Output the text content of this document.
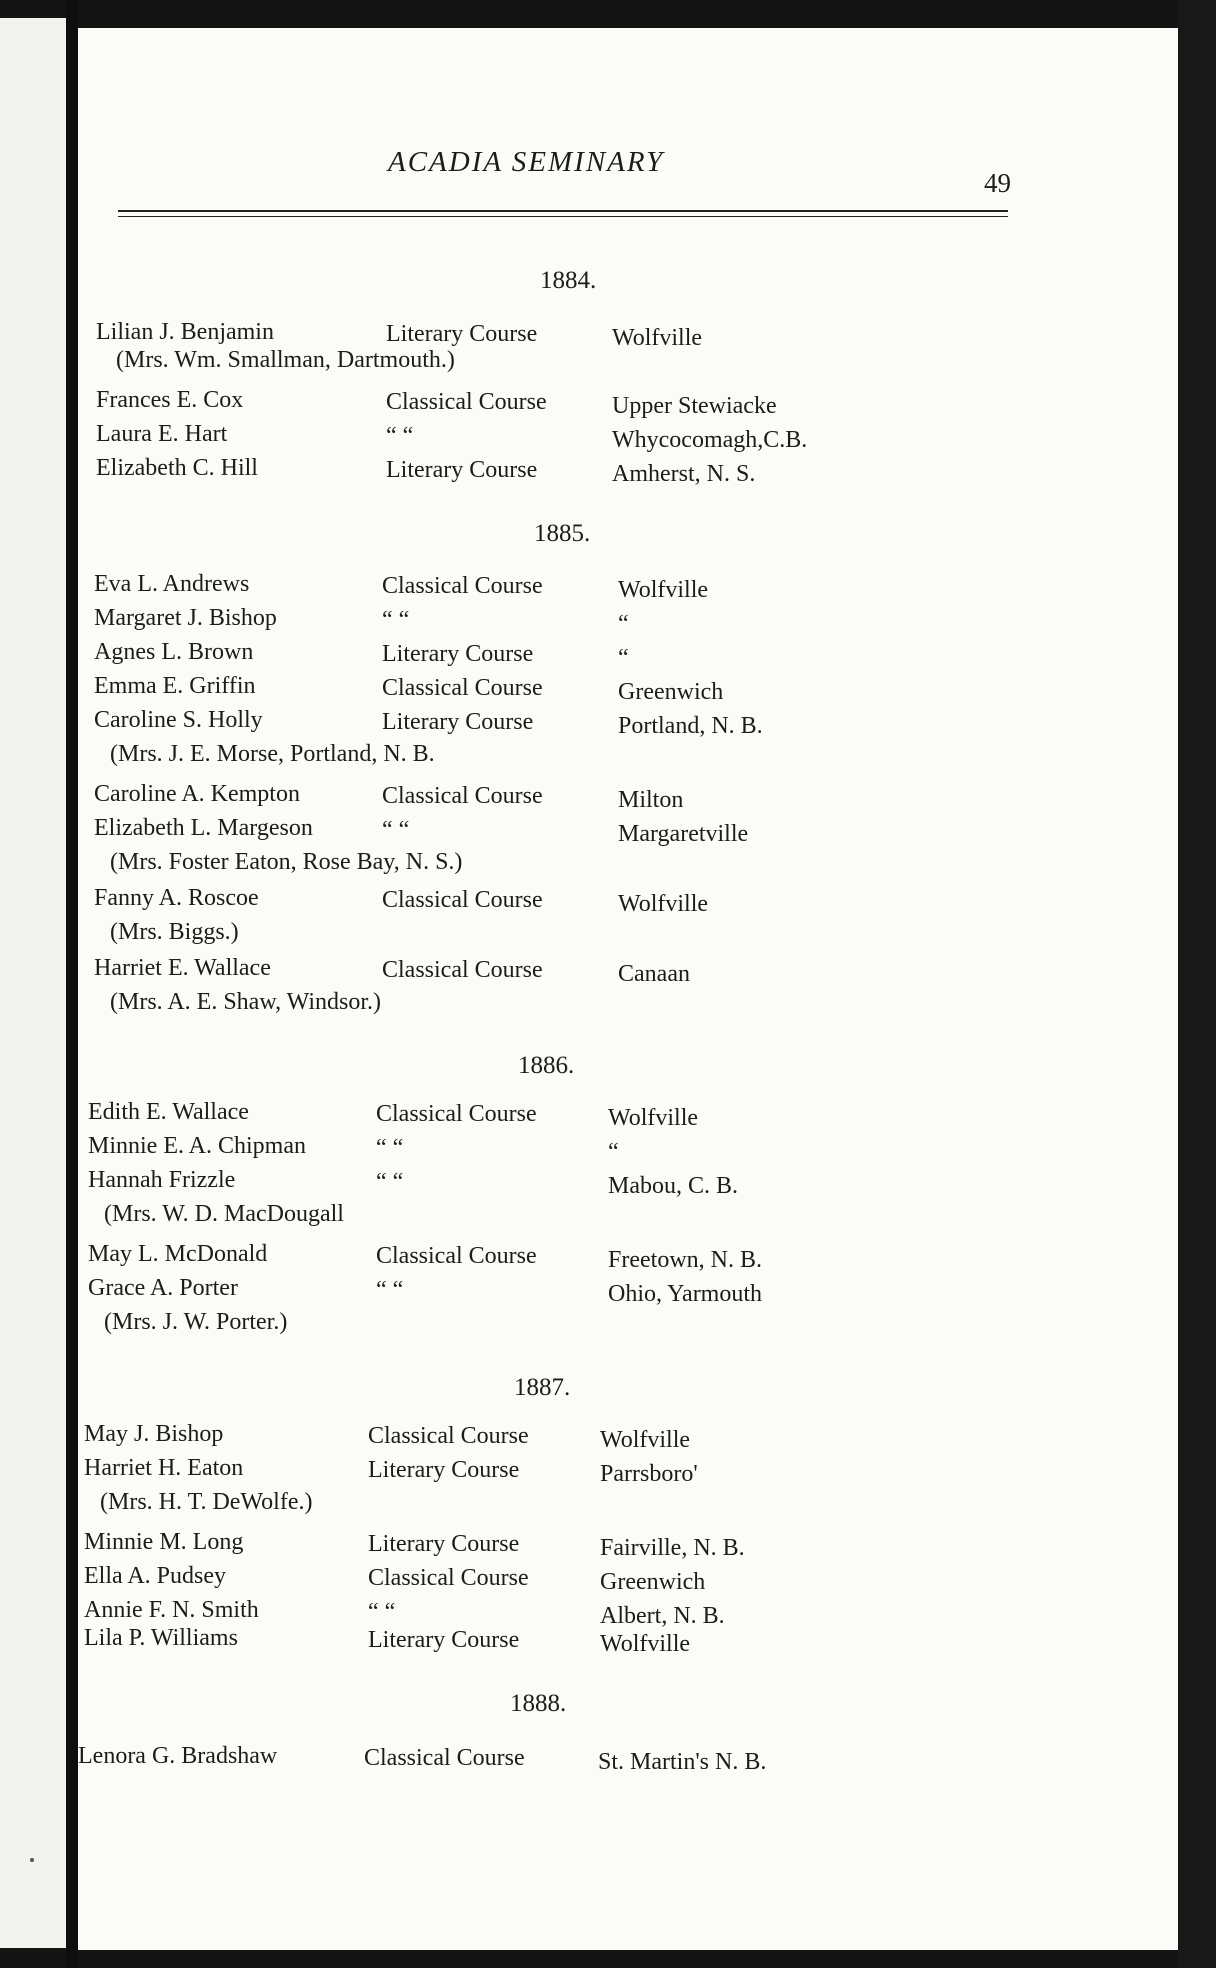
ACADIA SEMINARY
49
1884.
Lilian J. Benjamin	Literary Course	Wolfville
(Mrs. Wm. Smallman, Dartmouth.)
Frances E. Cox	Classical Course	Upper Stewiacke
Laura E. Hart	“ “	Whycocomagh,C.B.
Elizabeth C. Hill	Literary Course	Amherst, N. S.
1885.
Eva L. Andrews	Classical Course	Wolfville
Margaret J. Bishop	“ “	“
Agnes L. Brown	Literary Course	“
Emma E. Griffin	Classical Course	Greenwich
Caroline S. Holly	Literary Course	Portland, N. B.
(Mrs. J. E. Morse, Portland, N. B.
Caroline A. Kempton	Classical Course	Milton
Elizabeth L. Margeson	“ “	Margaretville
(Mrs. Foster Eaton, Rose Bay, N. S.)
Fanny A. Roscoe	Classical Course	Wolfville
(Mrs. Biggs.)
Harriet E. Wallace	Classical Course	Canaan
(Mrs. A. E. Shaw, Windsor.)
1886.
Edith E. Wallace	Classical Course	Wolfville
Minnie E. A. Chipman	“ “	“
Hannah Frizzle	“ “	Mabou, C. B.
(Mrs. W. D. MacDougall
May L. McDonald	Classical Course	Freetown, N. B.
Grace A. Porter	“ “	Ohio, Yarmouth
(Mrs. J. W. Porter.)
1887.
May J. Bishop	Classical Course	Wolfville
Harriet H. Eaton	Literary Course	Parrsboro'
(Mrs. H. T. DeWolfe.)
Minnie M. Long	Literary Course	Fairville, N. B.
Ella A. Pudsey	Classical Course	Greenwich
Annie F. N. Smith	“ “	Albert, N. B.
Lila P. Williams	Literary Course	Wolfville
1888.
Lenora G. Bradshaw	Classical Course	St. Martin's N. B.
